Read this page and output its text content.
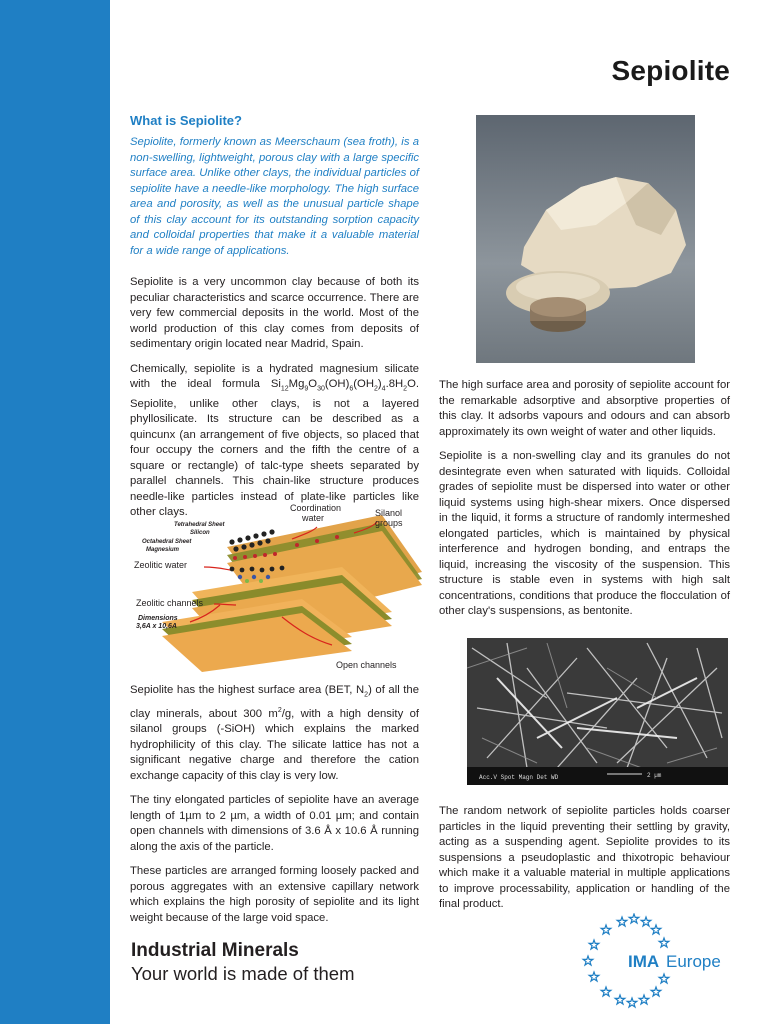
Sepiolite
What is Sepiolite?

Sepiolite, formerly known as Meerschaum (sea froth), is a non-swelling, lightweight, porous clay with a large specific surface area. Unlike other clays, the individual particles of sepiolite have a needle-like morphology. The high surface area and porosity, as well as the unusual particle shape of this clay account for its outstanding sorption capacity and colloidal properties that make it a valuable material for a wide range of applications.

Sepiolite is a very uncommon clay because of both its peculiar characteristics and scarce occurrence. There are very few commercial deposits in the world. Most of the world production of this clay comes from deposits of sedimentary origin located near Madrid, Spain.

Chemically, sepiolite is a hydrated magnesium silicate with the ideal formula $Si_{12}Mg_9O_{30}(OH)_6(OH_2)_4.8H_2O$. Sepiolite, unlike other clays, is not a layered phyllosilicate. Its structure can be described as a quincunx (an arrangement of five objects, so placed that four occupy the corners and the fifth the centre of a square or rectangle) of talc-type sheets separated by parallel channels. This chain-like structure produces needle-like particles instead of plate-like particles like other clays.	Coordination
water	Silanol
groups
Tetrahedral Sheet
Silicon
Octahedral Sheet
Magnesium
Zeolitic water
Zeolitic channels
Dimensions
3,6A x 10,6A
Open channels

Sepiolite has the highest surface area (BET, $N_2$) of all the clay minerals, about 300 $m^2/g$, with a high density of silanol groups (-SiOH) which explains the marked hydrophilicity of this clay. The silicate lattice has not a significant negative charge and therefore the cation exchange capacity of this clay is very low.

The tiny elongated particles of sepiolite have an average length of 1µm to 2 µm, a width of 0.01 µm; and contain open channels with dimensions of 3.6 Å x 10.6 Å running along the axis of the particle.

These particles are arranged forming loosely packed and porous aggregates with an extensive capillary network which explains the high porosity of sepiolite and its light weight because of the large void space.

The high surface area and porosity of sepiolite account for the remarkable adsorptive and absorptive properties of this clay. It adsorbs vapours and odours and can absorb approximately its own weight of water and other liquids.

Sepiolite is a non-swelling clay and its granules do not desintegrate even when saturated with liquids. Colloidal grades of sepiolite must be dispersed into water or other liquid systems using high-shear mixers. Once dispersed in the liquid, it forms a structure of randomly intermeshed elongated particles, which is maintained by physical interference and hydrogen bonding, and entraps the liquid, increasing the viscosity of the suspension. This structure is stable even in systems with high salt concentrations, conditions that produce the flocculation of other clay's suspensions, as bentonite.

Acc.V Spot Magn Det WD	2 µm

The random network of sepiolite particles holds coarser particles in the liquid preventing their settling by gravity, acting as a suspending agent. Sepiolite provides to its suspensions a pseudoplastic and thixotropic behaviour which make it a valuable material in multiple applications to improve processability, application or handling of the final product.

Industrial Minerals
Your world is made of them
IMA Europe
